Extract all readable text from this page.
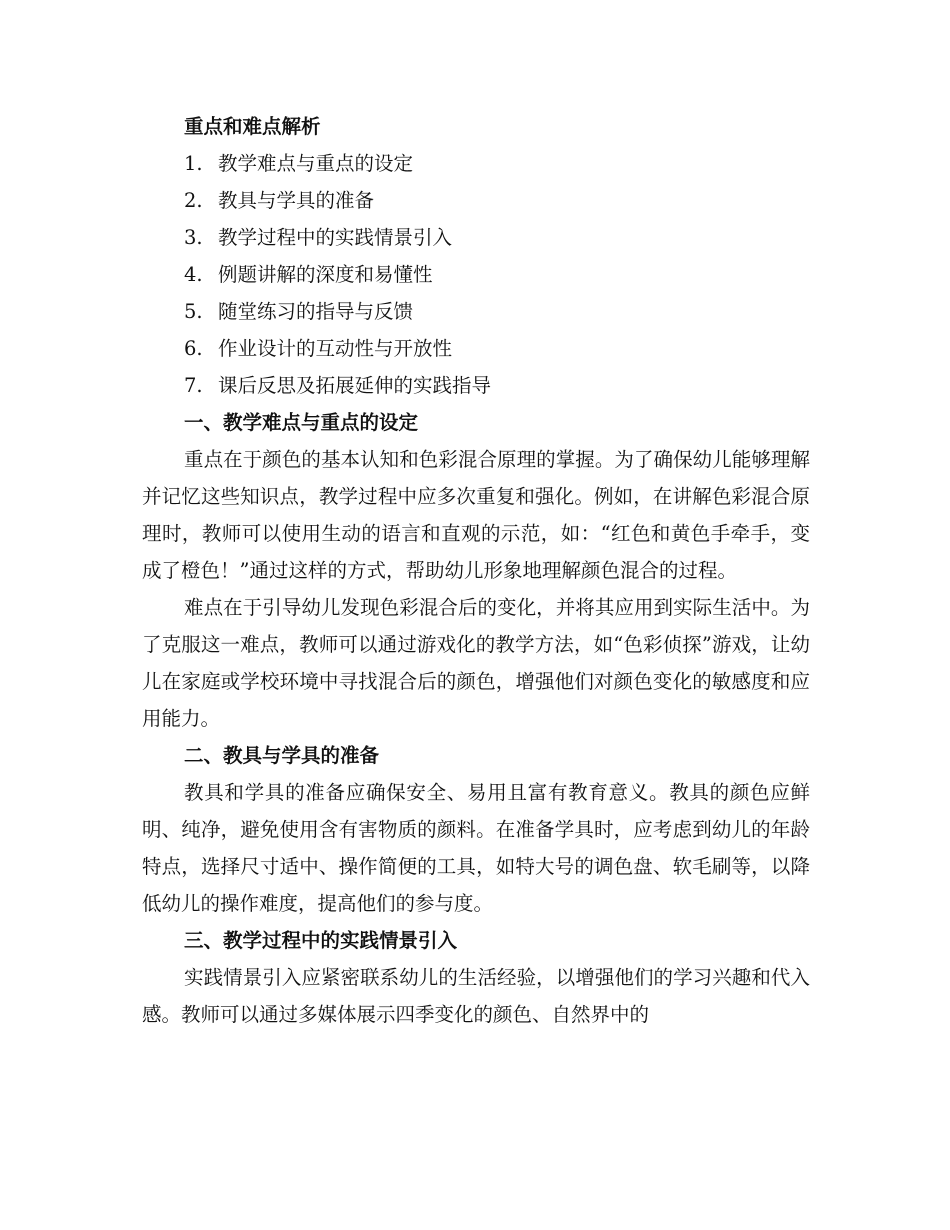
重点和难点解析
1. 教学难点与重点的设定
2. 教具与学具的准备
3. 教学过程中的实践情景引入
4. 例题讲解的深度和易懂性
5. 随堂练习的指导与反馈
6. 作业设计的互动性与开放性
7. 课后反思及拓展延伸的实践指导
一、教学难点与重点的设定

重点在于颜色的基本认知和色彩混合原理的掌握。为了确保幼儿能够理解并记忆这些知识点，教学过程中应多次重复和强化。例如，在讲解色彩混合原理时，教师可以使用生动的语言和直观的示范，如：“红色和黄色手牵手，变成了橙色！”通过这样的方式，帮助幼儿形象地理解颜色混合的过程。

难点在于引导幼儿发现色彩混合后的变化，并将其应用到实际生活中。为了克服这一难点，教师可以通过游戏化的教学方法，如“色彩侦探”游戏，让幼儿在家庭或学校环境中寻找混合后的颜色，增强他们对颜色变化的敏感度和应用能力。

二、教具与学具的准备

教具和学具的准备应确保安全、易用且富有教育意义。教具的颜色应鲜明、纯净，避免使用含有害物质的颜料。在准备学具时，应考虑到幼儿的年龄特点，选择尺寸适中、操作简便的工具，如特大号的调色盘、软毛刷等，以降低幼儿的操作难度，提高他们的参与度。

三、教学过程中的实践情景引入

实践情景引入应紧密联系幼儿的生活经验，以增强他们的学习兴趣和代入感。教师可以通过多媒体展示四季变化的颜色、自然界中的
